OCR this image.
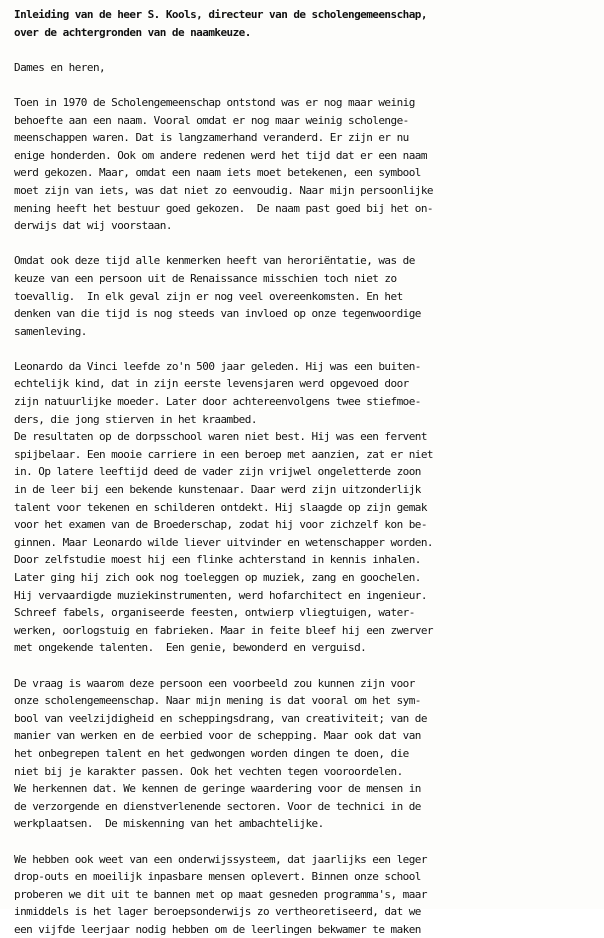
Inleiding van de heer S. Kools, directeur van de scholengemeenschap,
over de achtergronden van de naamkeuze.
Dames en heren,
Toen in 1970 de Scholengemeenschap ontstond was er nog maar weinig
behoefte aan een naam. Vooral omdat er nog maar weinig scholenge-
meenschappen waren. Dat is langzamerhand veranderd. Er zijn er nu
enige honderden. Ook om andere redenen werd het tijd dat er een naam
werd gekozen. Maar, omdat een naam iets moet betekenen, een symbool
moet zijn van iets, was dat niet zo eenvoudig. Naar mijn persoonlijke
mening heeft het bestuur goed gekozen.  De naam past goed bij het on-
derwijs dat wij voorstaan.
Omdat ook deze tijd alle kenmerken heeft van heroriëntatie, was de
keuze van een persoon uit de Renaissance misschien toch niet zo
toevallig.  In elk geval zijn er nog veel overeenkomsten. En het
denken van die tijd is nog steeds van invloed op onze tegenwoordige
samenleving.
Leonardo da Vinci leefde zo'n 500 jaar geleden. Hij was een buiten-
echtelijk kind, dat in zijn eerste levensjaren werd opgevoed door
zijn natuurlijke moeder. Later door achtereenvolgens twee stiefmoe-
ders, die jong stierven in het kraambed.
De resultaten op de dorpsschool waren niet best. Hij was een fervent
spijbelaar. Een mooie carriere in een beroep met aanzien, zat er niet
in. Op latere leeftijd deed de vader zijn vrijwel ongeletterde zoon
in de leer bij een bekende kunstenaar. Daar werd zijn uitzonderlijk
talent voor tekenen en schilderen ontdekt. Hij slaagde op zijn gemak
voor het examen van de Broederschap, zodat hij voor zichzelf kon be-
ginnen. Maar Leonardo wilde liever uitvinder en wetenschapper worden.
Door zelfstudie moest hij een flinke achterstand in kennis inhalen.
Later ging hij zich ook nog toeleggen op muziek, zang en goochelen.
Hij vervaardigde muziekinstrumenten, werd hofarchitect en ingenieur.
Schreef fabels, organiseerde feesten, ontwierp vliegtuigen, water-
werken, oorlogstuig en fabrieken. Maar in feite bleef hij een zwerver
met ongekende talenten.  Een genie, bewonderd en verguisd.
De vraag is waarom deze persoon een voorbeeld zou kunnen zijn voor
onze scholengemeenschap. Naar mijn mening is dat vooral om het sym-
bool van veelzijdigheid en scheppingsdrang, van creativiteit; van de
manier van werken en de eerbied voor de schepping. Maar ook dat van
het onbegrepen talent en het gedwongen worden dingen te doen, die
niet bij je karakter passen. Ook het vechten tegen vooroordelen.
We herkennen dat. We kennen de geringe waardering voor de mensen in
de verzorgende en dienstverlenende sectoren. Voor de technici in de
werkplaatsen.  De miskenning van het ambachtelijke.
We hebben ook weet van een onderwijssysteem, dat jaarlijks een leger
drop-outs en moeilijk inpasbare mensen oplevert. Binnen onze school
proberen we dit uit te bannen met op maat gesneden programma's, maar
inmiddels is het lager beroepsonderwijs zo vertheoretiseerd, dat we
een vijfde leerjaar nodig hebben om de leerlingen bekwamer te maken
